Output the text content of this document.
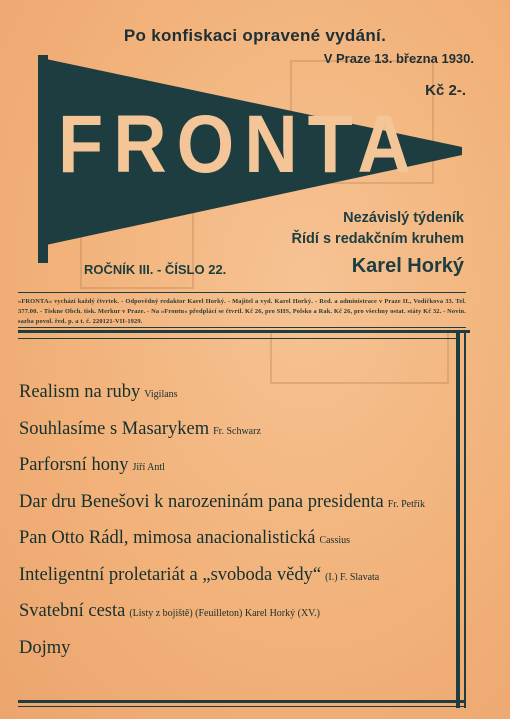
Po konfiskaci opravené vydání.
V Praze 13. března 1930.
Kč 2-.
FRONTA
Nezávislý týdeník
Řídí s redakčním kruhem
Karel Horký
ROČNÍK III. - ČÍSLO 22.
»FRONTA« vychází každý čtvrtek. - Odpovědný redaktor Karel Horký. - Majitel a vyd. Karel Horký. - Red. a administrace v Praze II., Vodičkova 33. Tel. 377.00. - Tiskne Obch. tisk. Merkur v Praze. - Na »Frontu« předplácí se čtvrtl. Kč 26, pro SHS, Polsko a Rak. Kč 26, pro všechny ostat. státy Kč 32. - Novin. sazba povol. řed. p. a t. č. 220121-VII-1929.
Realism na ruby Vigilans
Souhlasíme s Masarykem Fr. Schwarz
Parforsní hony Jiří Antl
Dar dru Benešovi k narozeninám pana presidenta Fr. Petřík
Pan Otto Rádl, mimosa anacionalistická Cassius
Inteligentní proletariát a „svoboda vědy“ (I.) F. Slavata
Svatební cesta (Listy z bojiště) (Feuilleton) Karel Horký (XV.)
Dojmy
